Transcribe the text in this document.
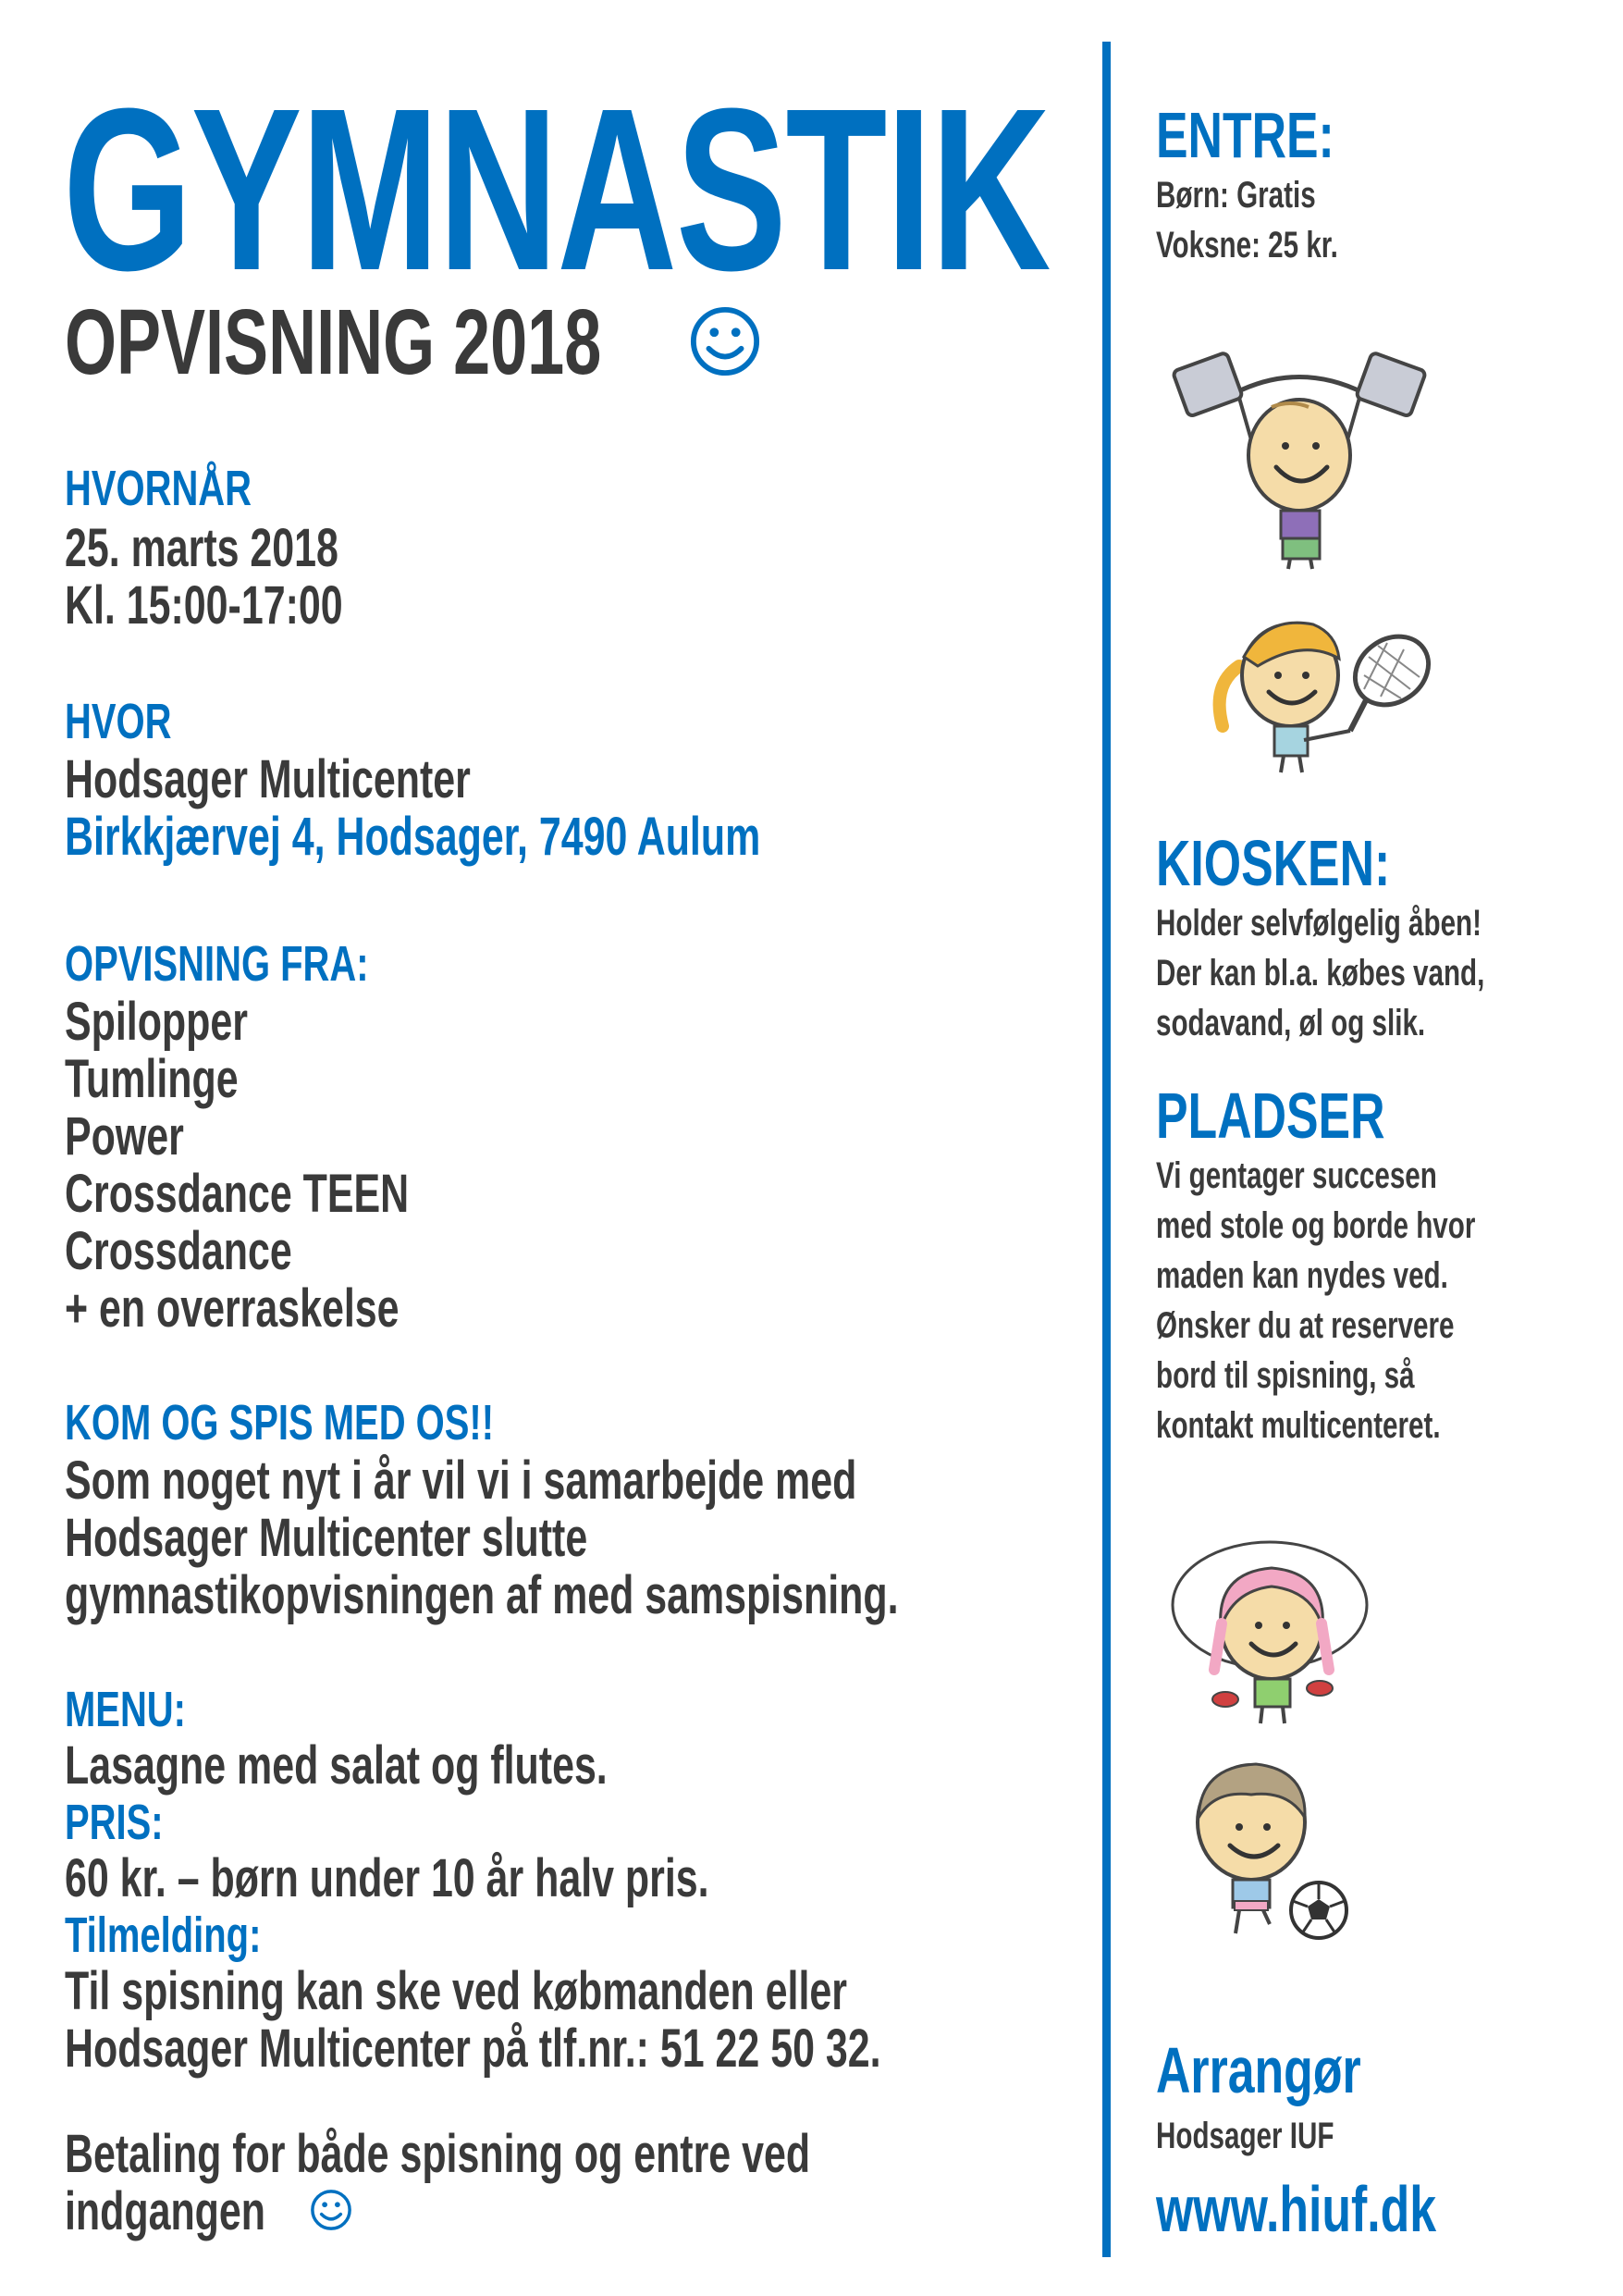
GYMNASTIK
OPVISNING 2018
HVORNÅR
25. marts 2018
Kl. 15:00-17:00
HVOR
Hodsager Multicenter
Birkkjærvej 4, Hodsager, 7490 Aulum
OPVISNING FRA:
Spilopper
Tumlinge
Power
Crossdance TEEN
Crossdance
+ en overraskelse
KOM OG SPIS MED OS!!
Som noget nyt i år vil vi i samarbejde med
Hodsager Multicenter slutte
gymnastikopvisningen af med samspisning.
MENU:
Lasagne med salat og flutes.
PRIS:
60 kr. – børn under 10 år halv pris.
Tilmelding:
Til spisning kan ske ved købmanden eller
Hodsager Multicenter på tlf.nr.: 51 22 50 32.
Betaling for både spisning og entre ved
indgangen
ENTRE:
Børn: Gratis
Voksne: 25 kr.
KIOSKEN:
Holder selvfølgelig åben!
Der kan bl.a. købes vand,
sodavand, øl og slik.
PLADSER
Vi gentager succesen
med stole og borde hvor
maden kan nydes ved.
Ønsker du at reservere
bord til spisning, så
kontakt multicenteret.
Arrangør
Hodsager IUF
www.hiuf.dk
